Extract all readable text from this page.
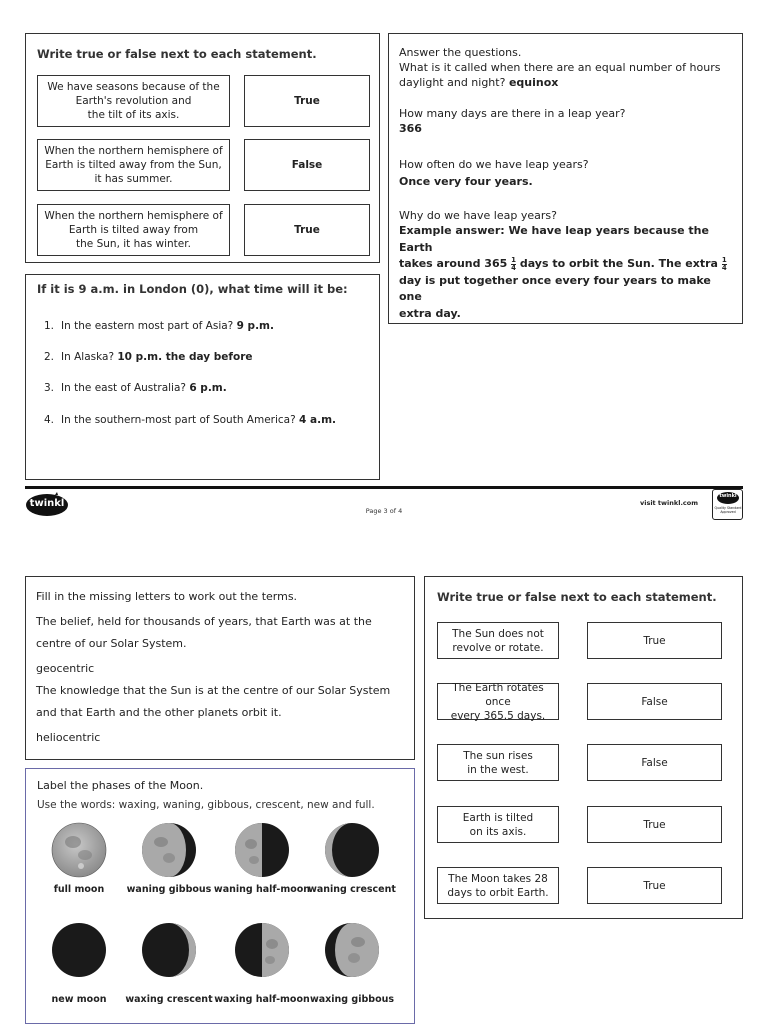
Write true or false next to each statement.
We have seasons because of the
Earth's revolution and
the tilt of its axis.
True
When the northern hemisphere of
Earth is tilted away from the Sun,
it has summer.
False
When the northern hemisphere of
Earth is tilted away from
the Sun, it has winter.
True
Answer the questions.
What is it called when there are an equal number of hours daylight and night? equinox
How many days are there in a leap year?
366
How often do we have leap years?
Once very four years.
Why do we have leap years?
Example answer: We have leap years because the Earth
takes around $365 \frac{1}{4}$ days to orbit the Sun. The extra $\frac{1}{4}$
day is put together once every four years to make one
extra day.
If it is 9 a.m. in London (0), what time will it be:
1. In the eastern most part of Asia? 9 p.m.
2. In Alaska? 10 p.m. the day before
3. In the east of Australia? 6 p.m.
4. In the southern-most part of South America? 4 a.m.
twinkl
Page 3 of 4
visit twinkl.com
twinkl
Quality Standard Approved
Fill in the missing letters to work out the terms.
The belief, held for thousands of years, that Earth was at the
centre of our Solar System.
geocentric
The knowledge that the Sun is at the centre of our Solar System
and that Earth and the other planets orbit it.
heliocentric
Write true or false next to each statement.
The Sun does not
revolve or rotate.
True
The Earth rotates once
every 365.5 days.
False
The sun rises
in the west.
False
Earth is tilted
on its axis.
True
The Moon takes 28
days to orbit Earth.
True
Label the phases of the Moon.
Use the words: waxing, waning, gibbous, crescent, new and full.
full moon	waning gibbous waning half-moon
waning crescent
new moon	waxing crescent waxing half-moon waxing gibbous
